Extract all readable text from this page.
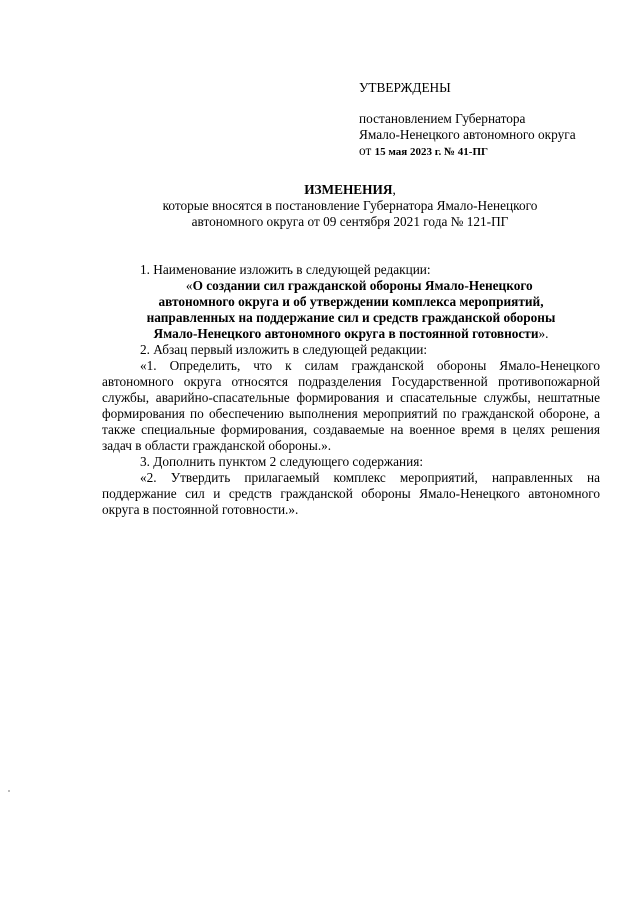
УТВЕРЖДЕНЫ
постановлением Губернатора
Ямало-Ненецкого автономного округа
от 15 мая 2023 г. № 41-ПГ
ИЗМЕНЕНИЯ,
которые вносятся в постановление Губернатора Ямало-Ненецкого
автономного округа от 09 сентября 2021 года № 121-ПГ

1. Наименование изложить в следующей редакции:

«О создании сил гражданской обороны Ямало-Ненецкого

автономного округа и об утверждении комплекса мероприятий,

направленных на поддержание сил и средств гражданской обороны

Ямало-Ненецкого автономного округа в постоянной готовности».

2. Абзац первый изложить в следующей редакции:

«1. Определить, что к силам гражданской обороны Ямало-Ненецкого автономного округа относятся подразделения Государственной противопожарной службы, аварийно-спасательные формирования и спасательные службы, нештатные формирования по обеспечению выполнения мероприятий по гражданской обороне, а также специальные формирования, создаваемые на военное время в целях решения задач в области гражданской обороны.».

3. Дополнить пунктом 2 следующего содержания:

«2. Утвердить прилагаемый комплекс мероприятий, направленных на поддержание сил и средств гражданской обороны Ямало-Ненецкого автономного округа в постоянной готовности.».
